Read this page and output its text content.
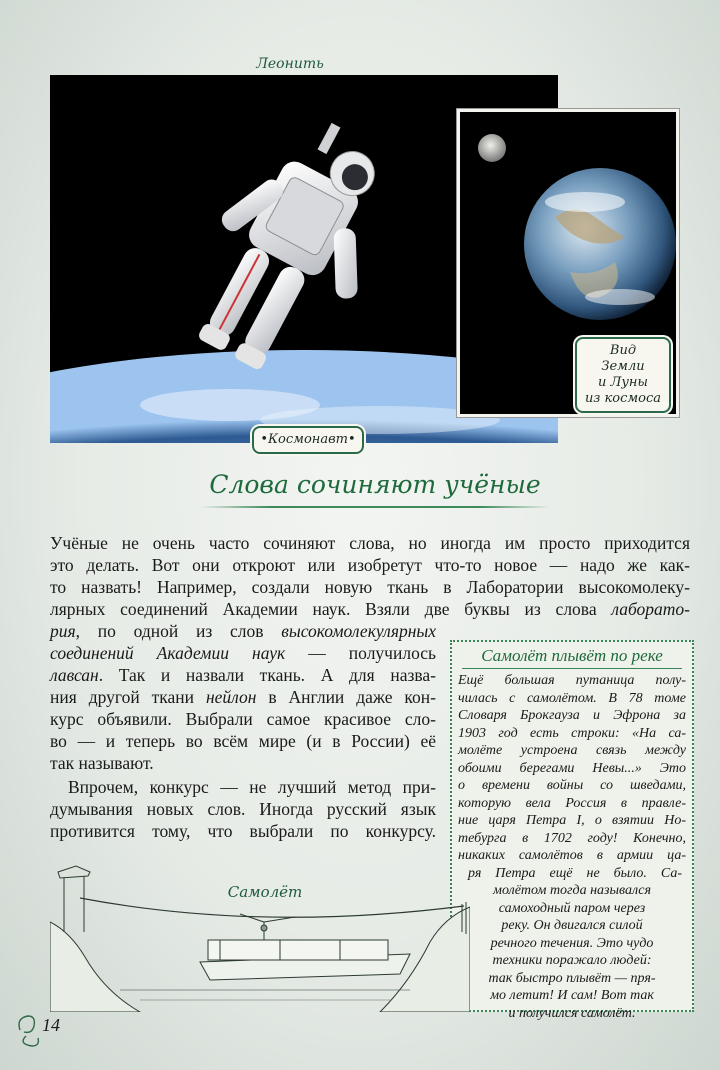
Леонить
Вид
Земли
и Луны
из космоса
•Космонавт•
Слова сочиняют учёные
Учёные не очень часто сочиняют слова, но иногда им просто приходится
это делать. Вот они откроют или изобретут что-то новое — надо же как-
то назвать! Например, создали новую ткань в Лаборатории высокомолеку-
лярных соединений Академии наук. Взяли две буквы из слова лаборато-
рия, по одной из слов высокомолекулярных
соединений Академии наук — получилось
лавсан. Так и назвали ткань. А для назва-
ния другой ткани нейлон в Англии даже кон-
курс объявили. Выбрали самое красивое сло-
во — и теперь во всём мире (и в России) её
так называют.
Впрочем, конкурс — не лучший метод при-
думывания новых слов. Иногда русский язык
противится тому, что выбрали по конкурсу.
Самолёт плывёт по реке
Ещё большая путаница полу-
чилась с самолётом. В 78 томе
Словаря Брокгауза и Эфрона за
1903 год есть строки: «На са-
молёте устроена связь между
обоими берегами Невы...» Это
о времени войны со шведами,
которую вела Россия в правле-
ние царя Петра I, о взятии Но-
тебурга в 1702 году! Конечно,
никаких самолётов в армии ца-
ря Петра ещё не было. Са-
молётом тогда назывался
самоходный паром через
реку. Он двигался силой
речного течения. Это чудо
техники поражало людей:
так быстро плывёт — пря-
мо летит! И сам! Вот так
и получился самолёт.
Самолёт
14
